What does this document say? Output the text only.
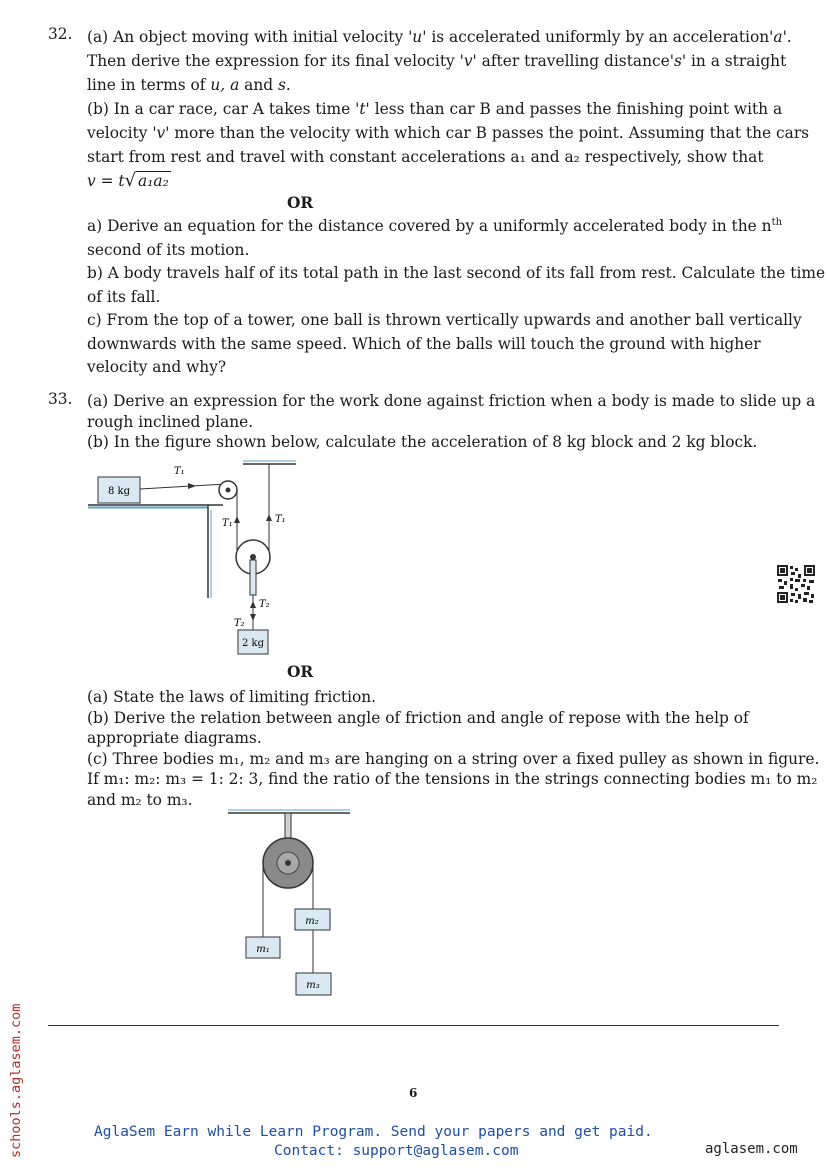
32. (a) An object moving with initial velocity 'u' is accelerated uniformly by an acceleration'a'.
Then derive the expression for its final velocity 'v' after travelling distance's' in a straight
line in terms of u, a and s.
(b) In a car race, car A takes time 't' less than car B and passes the finishing point with a
velocity 'v' more than the velocity with which car B passes the point. Assuming that the cars
start from rest and travel with constant accelerations a₁ and a₂ respectively, show that
v = t√ a₁a₂
OR
a) Derive an equation for the distance covered by a uniformly accelerated body in the $n^{th}$
second of its motion.
b) A body travels half of its total path in the last second of its fall from rest. Calculate the time
of its fall.
c) From the top of a tower, one ball is thrown vertically upwards and another ball vertically
downwards with the same speed. Which of the balls will touch the ground with higher
velocity and why?
33. (a) Derive an expression for the work done against friction when a body is made to slide up a
rough inclined plane.
(b) In the figure shown below, calculate the acceleration of 8 kg block and 2 kg block.
8 kg
T₁
T₁	T₁
T₂
T₂
2 kg
OR
(a) State the laws of limiting friction.
(b) Derive the relation between angle of friction and angle of repose with the help of
appropriate diagrams.
(c) Three bodies m₁, m₂ and m₃ are hanging on a string over a fixed pulley as shown in figure.
If m₁: m₂: m₃ = 1: 2: 3, find the ratio of the tensions in the strings connecting bodies m₁ to m₂
and m₂ to m₃.
m₁
m₂
m₃
6
AglaSem Earn while Learn Program. Send your papers and get paid.
Contact: support@aglasem.com	aglasem.com
schools.aglasem.com
